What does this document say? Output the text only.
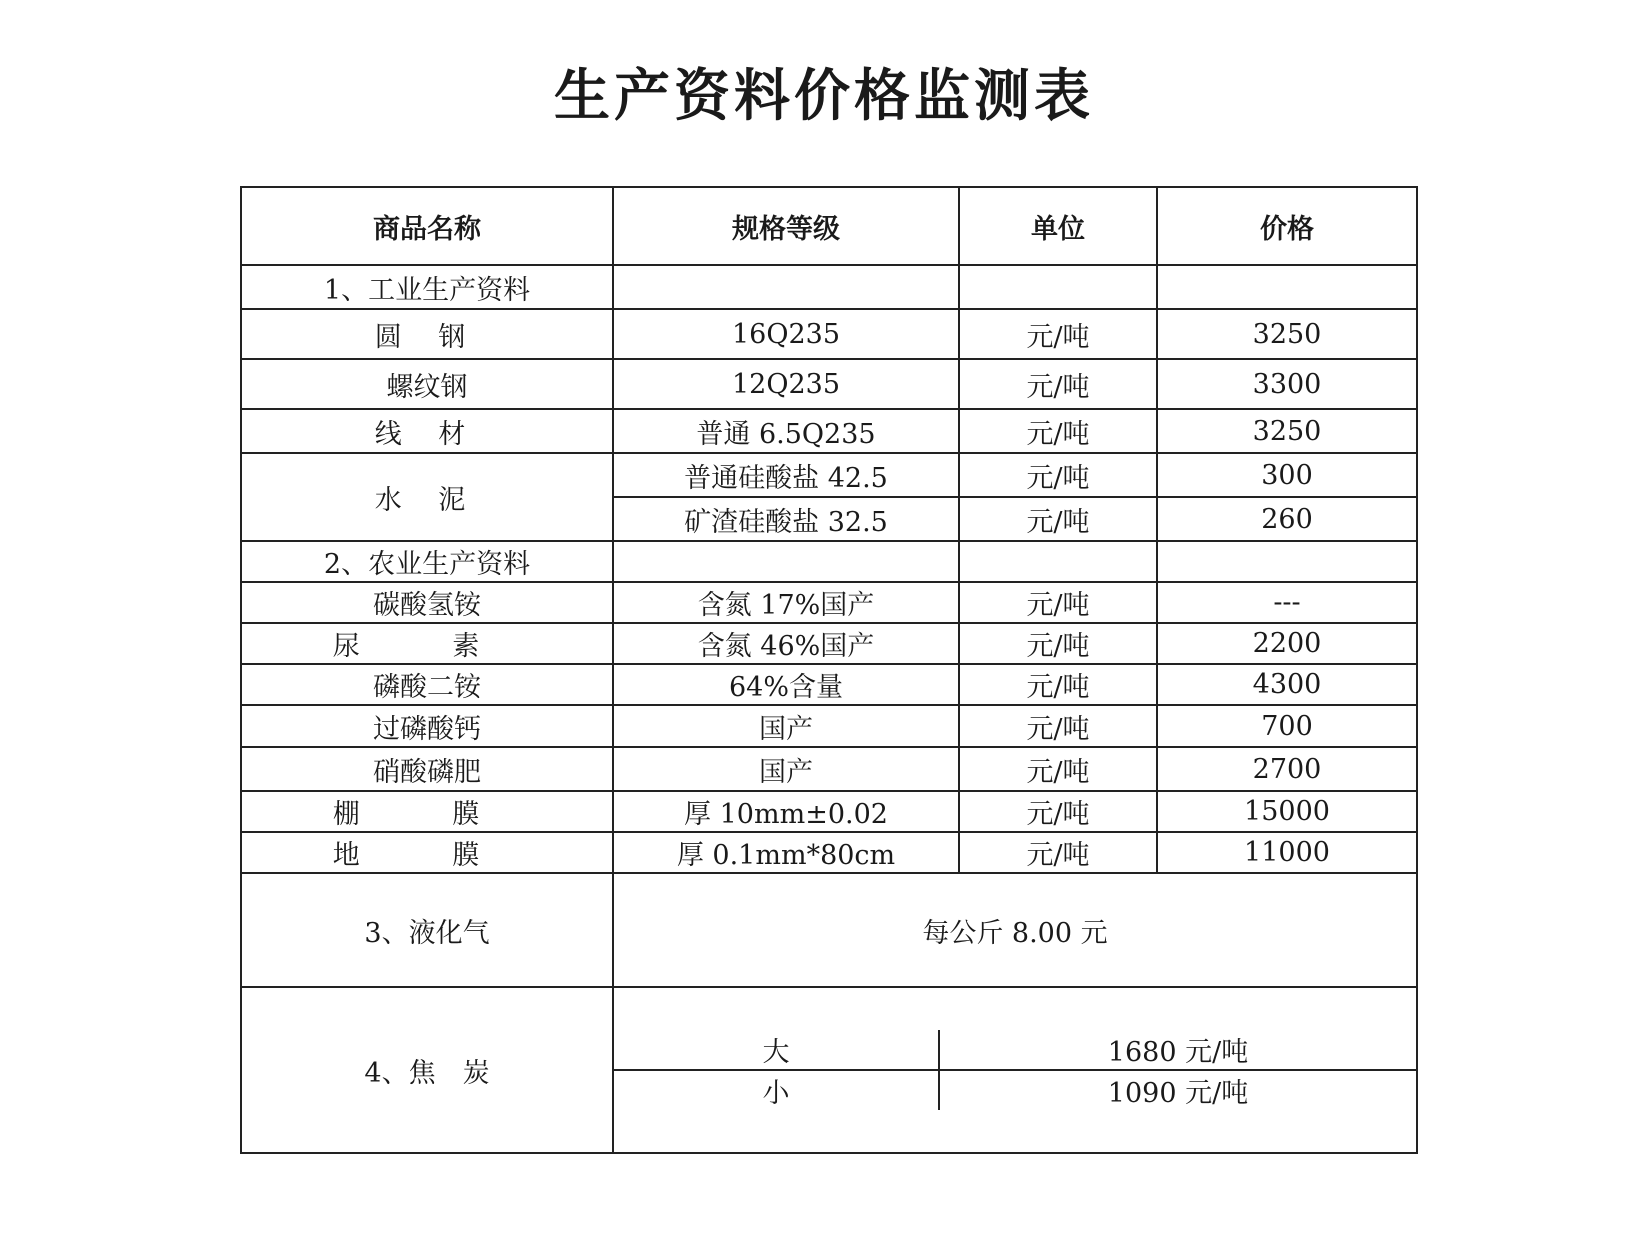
生产资料价格监测表
商品名称	规格等级	单位	价格
1、工业生产资料			
圆 钢	16Q235	元/吨	3250
螺纹钢	12Q235	元/吨	3300
线 材	普通 6.5Q235	元/吨	3250
水 泥	普通硅酸盐 42.5	元/吨	300
矿渣硅酸盐 32.5	元/吨	260
2、农业生产资料			
碳酸氢铵	含氮 17%国产	元/吨	---
尿 素	含氮 46%国产	元/吨	2200
磷酸二铵	64%含量	元/吨	4300
过磷酸钙	国产	元/吨	700
硝酸磷肥	国产	元/吨	2700
棚 膜	厚 10mm±0.02	元/吨	15000
地 膜	厚 0.1mm*80cm	元/吨	11000
3、液化气	每公斤 8.00 元
4、焦　炭	
大	1680 元/吨
小	1090 元/吨
